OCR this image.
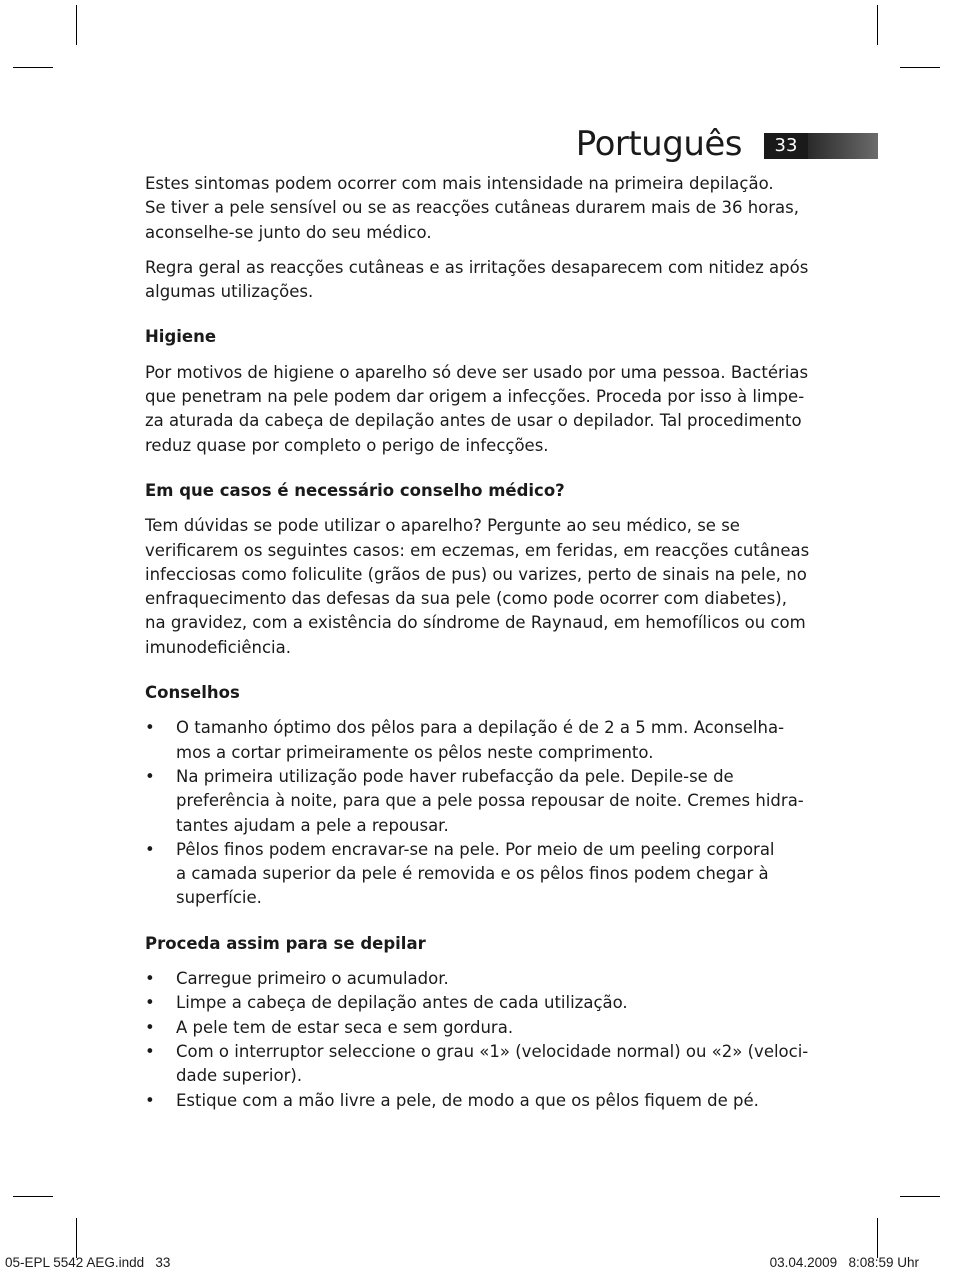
Português	33

Estes sintomas podem ocorrer com mais intensidade na primeira depilação.
Se tiver a pele sensível ou se as reacções cutâneas durarem mais de 36 horas,
aconselhe-se junto do seu médico.

Regra geral as reacções cutâneas e as irritações desaparecem com nitidez após
algumas utilizações.

Higiene

Por motivos de higiene o aparelho só deve ser usado por uma pessoa. Bactérias
que penetram na pele podem dar origem a infecções. Proceda por isso à limpe-
za aturada da cabeça de depilação antes de usar o depilador. Tal procedimento
reduz quase por completo o perigo de infecções.

Em que casos é necessário conselho médico?

Tem dúvidas se pode utilizar o aparelho? Pergunte ao seu médico, se se
verificarem os seguintes casos: em eczemas, em feridas, em reacções cutâneas
infecciosas como foliculite (grãos de pus) ou varizes, perto de sinais na pele, no
enfraquecimento das defesas da sua pele (como pode ocorrer com diabetes),
na gravidez, com a existência do síndrome de Raynaud, em hemofílicos ou com
imunodeficiência.

Conselhos

• O tamanho óptimo dos pêlos para a depilação é de 2 a 5 mm. Aconselha-
mos a cortar primeiramente os pêlos neste comprimento.
• Na primeira utilização pode haver rubefacção da pele. Depile-se de
preferência à noite, para que a pele possa repousar de noite. Cremes hidra-
tantes ajudam a pele a repousar.
• Pêlos finos podem encravar-se na pele. Por meio de um peeling corporal
a camada superior da pele é removida e os pêlos finos podem chegar à
superfície.

Proceda assim para se depilar

• Carregue primeiro o acumulador.
• Limpe a cabeça de depilação antes de cada utilização.
• A pele tem de estar seca e sem gordura.
• Com o interruptor seleccione o grau «1» (velocidade normal) ou «2» (veloci-
dade superior).
• Estique com a mão livre a pele, de modo a que os pêlos fiquem de pé.
05-EPL 5542 AEG.indd   33	03.04.2009   8:08:59 Uhr
